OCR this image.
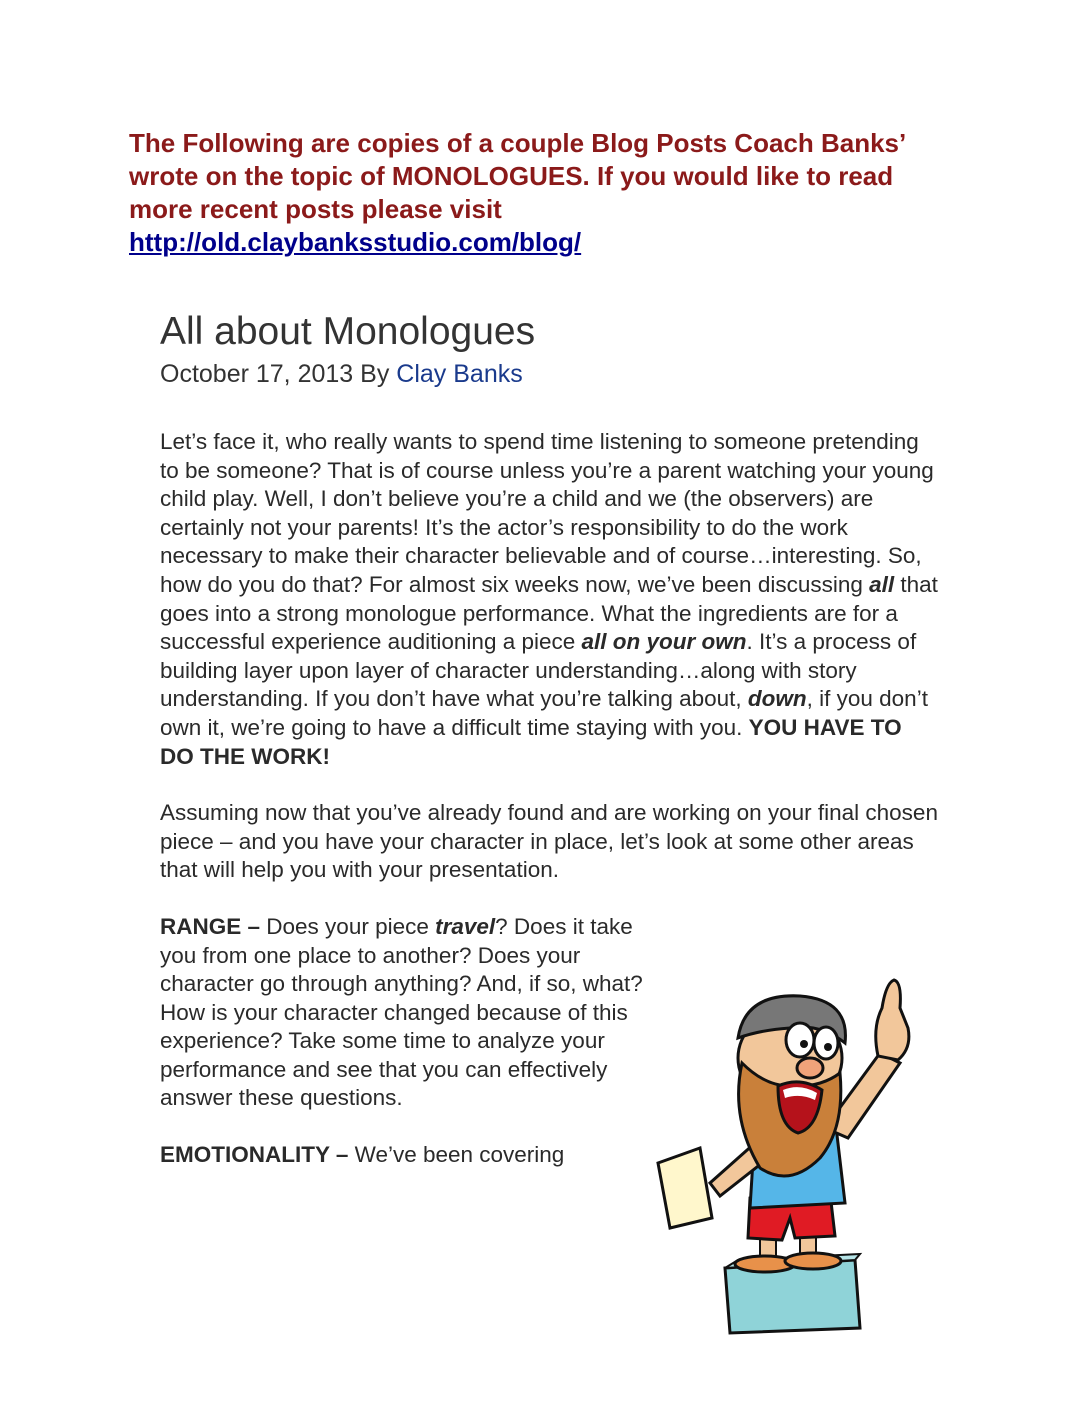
The Following are copies of a couple Blog Posts Coach Banks’ wrote on the topic of MONOLOGUES. If you would like to read more recent posts please visit
http://old.claybanksstudio.com/blog/
All about Monologues
October 17, 2013 By Clay Banks

Let’s face it, who really wants to spend time listening to someone pretending to be someone? That is of course unless you’re a parent watching your young child play. Well, I don’t believe you’re a child and we (the observers) are certainly not your parents! It’s the actor’s responsibility to do the work necessary to make their character believable and of course…interesting. So, how do you do that? For almost six weeks now, we’ve been discussing all that goes into a strong monologue performance. What the ingredients are for a successful experience auditioning a piece all on your own. It’s a process of building layer upon layer of character understanding…along with story understanding. If you don’t have what you’re talking about, down, if you don’t own it, we’re going to have a difficult time staying with you. YOU HAVE TO DO THE WORK!

Assuming now that you’ve already found and are working on your final chosen piece – and you have your character in place, let’s look at some other areas that will help you with your presentation.

RANGE – Does your piece travel? Does it take you from one place to another? Does your character go through anything? And, if so, what? How is your character changed because of this experience? Take some time to analyze your performance and see that you can effectively answer these questions.

EMOTIONALITY – We’ve been covering
